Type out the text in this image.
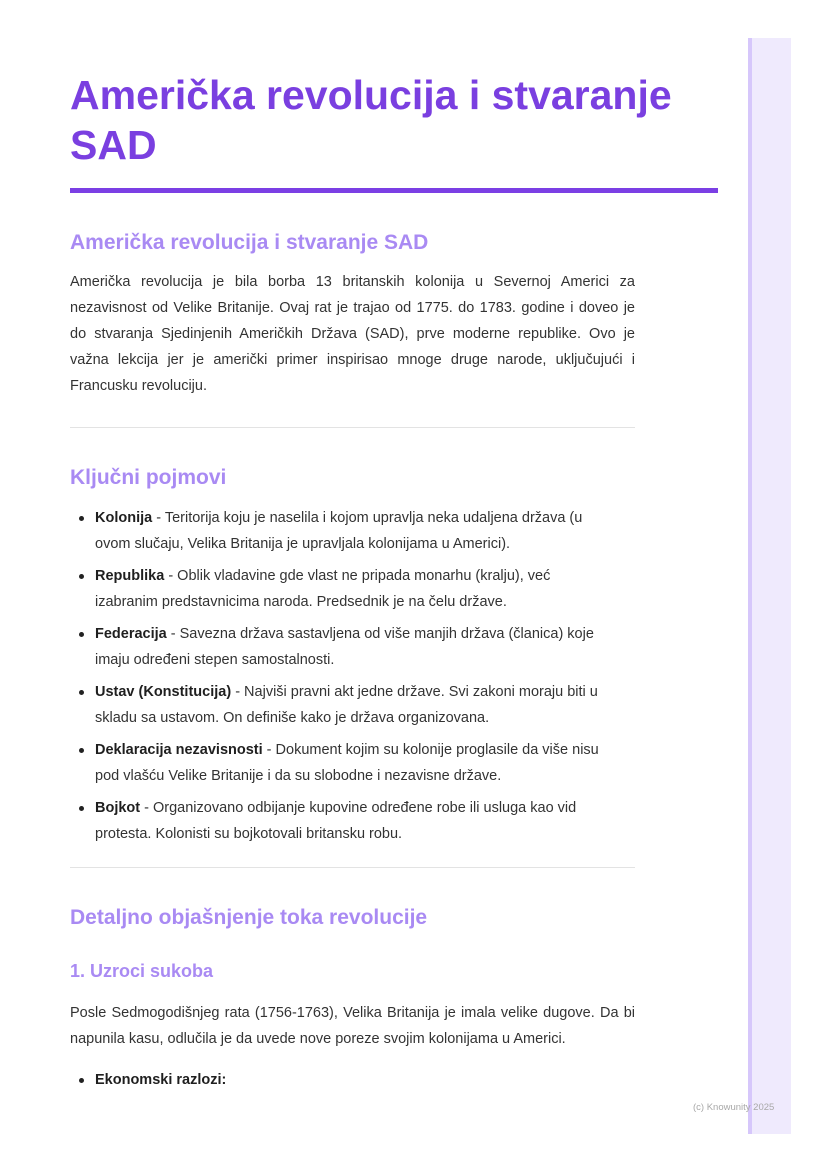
Američka revolucija i stvaranje SAD
Američka revolucija i stvaranje SAD

Američka revolucija je bila borba 13 britanskih kolonija u Severnoj Americi za nezavisnost od Velike Britanije. Ovaj rat je trajao od 1775. do 1783. godine i doveo je do stvaranja Sjedinjenih Američkih Država (SAD), prve moderne republike. Ovo je važna lekcija jer je američki primer inspirisao mnoge druge narode, uključujući i Francusku revoluciju.

Ključni pojmovi
Kolonija - Teritorija koju je naselila i kojom upravlja neka udaljena država (u ovom slučaju, Velika Britanija je upravljala kolonijama u Americi).
Republika - Oblik vladavine gde vlast ne pripada monarhu (kralju), već izabranim predstavnicima naroda. Predsednik je na čelu države.
Federacija - Savezna država sastavljena od više manjih država (članica) koje imaju određeni stepen samostalnosti.
Ustav (Konstitucija) - Najviši pravni akt jedne države. Svi zakoni moraju biti u skladu sa ustavom. On definiše kako je država organizovana.
Deklaracija nezavisnosti - Dokument kojim su kolonije proglasile da više nisu pod vlašću Velike Britanije i da su slobodne i nezavisne države.
Bojkot - Organizovano odbijanje kupovine određene robe ili usluga kao vid protesta. Kolonisti su bojkotovali britansku robu.
Detaljno objašnjenje toka revolucije
1. Uzroci sukoba

Posle Sedmogodišnjeg rata (1756-1763), Velika Britanija je imala velike dugove. Da bi napunila kasu, odlučila je da uvede nove poreze svojim kolonijama u Americi.

Ekonomski razlozi:
(c) Knowunity 2025
